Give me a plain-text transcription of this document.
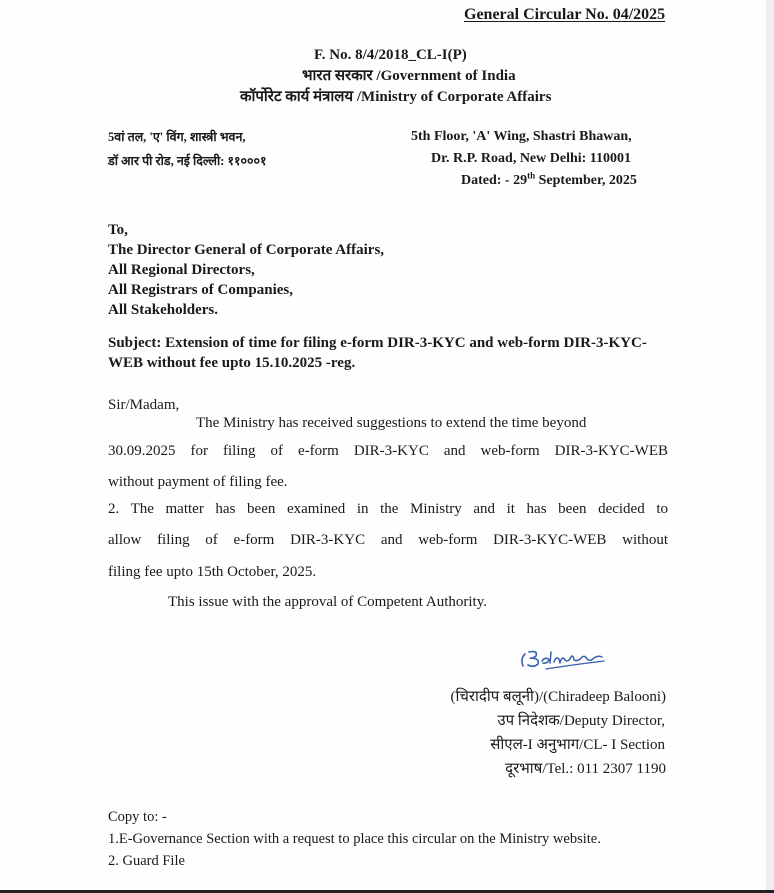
General Circular No. 04/2025
F. No. 8/4/2018_CL-I(P)
भारत सरकार /Government of India
कॉर्पोरेट कार्य मंत्रालय /Ministry of Corporate Affairs
5वां तल, 'ए' विंग, शास्त्री भवन,
डॉ आर पी रोड, नई दिल्ली: ११०००१
5th Floor, 'A' Wing, Shastri Bhawan,
Dr. R.P. Road, New Delhi: 110001
Dated: - 29th September, 2025
To,
The Director General of Corporate Affairs,
All Regional Directors,
All Registrars of Companies,
All Stakeholders.
Subject: Extension of time for filing e-form DIR-3-KYC and web-form DIR-3-KYC-WEB without fee upto 15.10.2025 -reg.
Sir/Madam,
The Ministry has received suggestions to extend the time beyond
30.09.2025 for filing of e-form DIR-3-KYC and web-form DIR-3-KYC-WEB
without payment of filing fee.
2. The matter has been examined in the Ministry and it has been decided to
allow filing of e-form DIR-3-KYC and web-form DIR-3-KYC-WEB without
filing fee upto 15th October, 2025.
This issue with the approval of Competent Authority.
(चिरादीप बलूनी)/(Chiradeep Balooni)
उप निदेशक/Deputy Director,
सीएल-I अनुभाग/CL- I Section
दूरभाष/Tel.: 011 2307 1190
Copy to: -
1.E-Governance Section with a request to place this circular on the Ministry website.
2. Guard File
